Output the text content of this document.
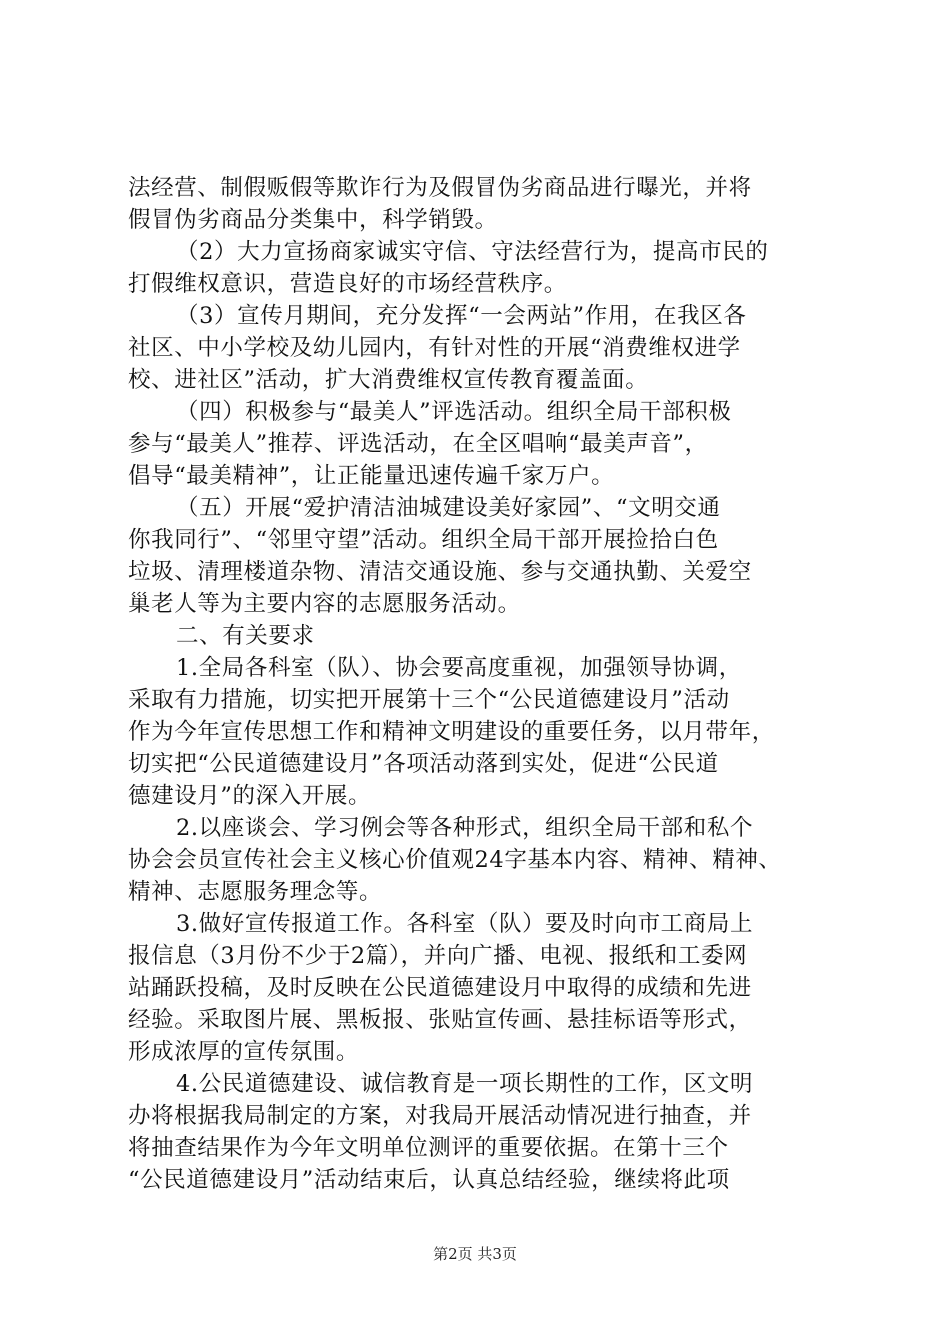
法经营、制假贩假等欺诈行为及假冒伪劣商品进行曝光，并将
假冒伪劣商品分类集中，科学销毁。
（2）大力宣扬商家诚实守信、守法经营行为，提高市民的
打假维权意识，营造良好的市场经营秩序。
（3）宣传月期间，充分发挥“一会两站”作用，在我区各
社区、中小学校及幼儿园内，有针对性的开展“消费维权进学
校、进社区”活动，扩大消费维权宣传教育覆盖面。
（四）积极参与“最美人”评选活动。组织全局干部积极
参与“最美人”推荐、评选活动，在全区唱响“最美声音”，
倡导“最美精神”，让正能量迅速传遍千家万户。
（五）开展“爱护清洁油城建设美好家园”、“文明交通
你我同行”、“邻里守望”活动。组织全局干部开展捡拾白色
垃圾、清理楼道杂物、清洁交通设施、参与交通执勤、关爱空
巢老人等为主要内容的志愿服务活动。
二、有关要求
1.全局各科室（队）、协会要高度重视，加强领导协调，
采取有力措施，切实把开展第十三个“公民道德建设月”活动
作为今年宣传思想工作和精神文明建设的重要任务，以月带年，
切实把“公民道德建设月”各项活动落到实处，促进“公民道
德建设月”的深入开展。
2.以座谈会、学习例会等各种形式，组织全局干部和私个
协会会员宣传社会主义核心价值观24字基本内容、精神、精神、
精神、志愿服务理念等。
3.做好宣传报道工作。各科室（队）要及时向市工商局上
报信息（3月份不少于2篇），并向广播、电视、报纸和工委网
站踊跃投稿，及时反映在公民道德建设月中取得的成绩和先进
经验。采取图片展、黑板报、张贴宣传画、悬挂标语等形式，
形成浓厚的宣传氛围。
4.公民道德建设、诚信教育是一项长期性的工作，区文明
办将根据我局制定的方案，对我局开展活动情况进行抽查，并
将抽查结果作为今年文明单位测评的重要依据。在第十三个
“公民道德建设月”活动结束后，认真总结经验，继续将此项
第2页 共3页
